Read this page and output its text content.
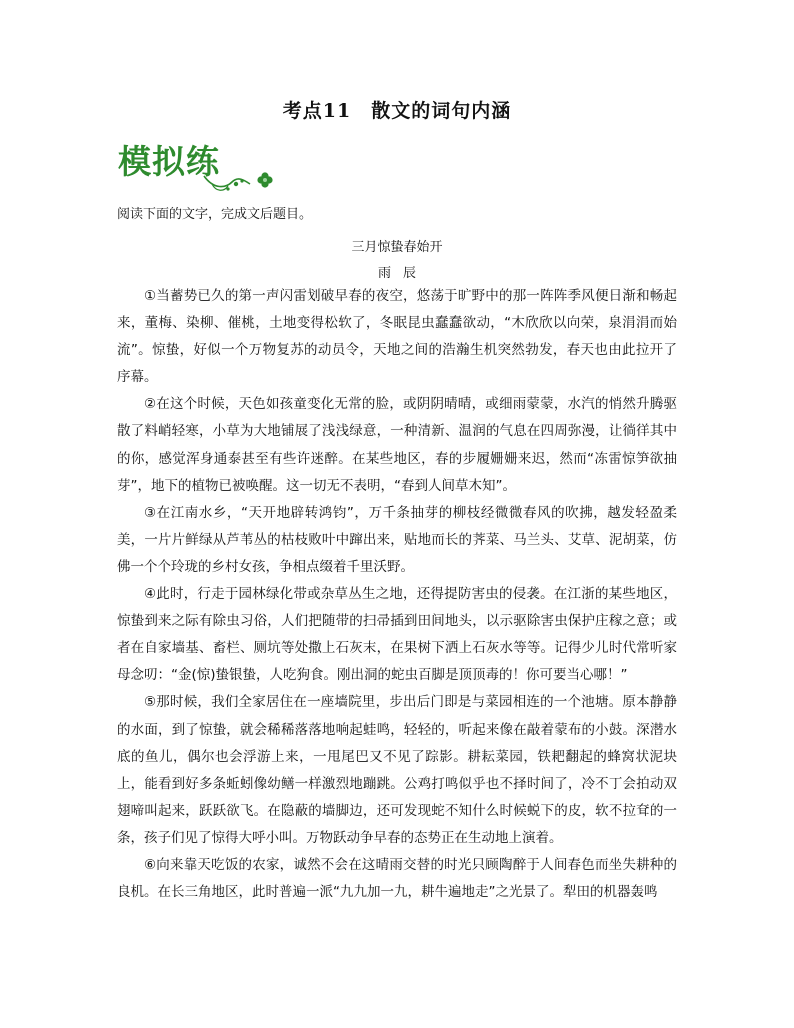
考点11　散文的词句内涵
模拟练
阅读下面的文字，完成文后题目。
三月惊蛰春始开
雨辰

①当蓄势已久的第一声闪雷划破早春的夜空，悠荡于旷野中的那一阵阵季风便日渐和畅起来，董梅、染柳、催桃，土地变得松软了，冬眠昆虫蠢蠢欲动，“木欣欣以向荣，泉涓涓而始流”。惊蛰，好似一个万物复苏的动员令，天地之间的浩瀚生机突然勃发，春天也由此拉开了序幕。

②在这个时候，天色如孩童变化无常的脸，或阴阴晴晴，或细雨蒙蒙，水汽的悄然升腾驱散了料峭轻寒，小草为大地铺展了浅浅绿意，一种清新、温润的气息在四周弥漫，让徜徉其中的你，感觉浑身通泰甚至有些许迷醉。在某些地区，春的步履姗姗来迟，然而“冻雷惊笋欲抽芽”，地下的植物已被唤醒。这一切无不表明，“春到人间草木知”。

③在江南水乡，“天开地辟转鸿钧”，万千条抽芽的柳枝经微微春风的吹拂，越发轻盈柔美，一片片鲜绿从芦苇丛的枯枝败叶中蹿出来，贴地而长的荠菜、马兰头、艾草、泥胡菜，仿佛一个个玲珑的乡村女孩，争相点缀着千里沃野。

④此时，行走于园林绿化带或杂草丛生之地，还得提防害虫的侵袭。在江浙的某些地区，惊蛰到来之际有除虫习俗，人们把随带的扫帚插到田间地头，以示驱除害虫保护庄稼之意；或者在自家墙基、畜栏、厕坑等处撒上石灰末，在果树下洒上石灰水等等。记得少儿时代常听家母念叨：“金(惊)蛰银蛰，人吃狗食。刚出洞的蛇虫百脚是顶顶毒的！你可要当心哪！”

⑤那时候，我们全家居住在一座墙院里，步出后门即是与菜园相连的一个池塘。原本静静的水面，到了惊蛰，就会稀稀落落地响起蛙鸣，轻轻的，听起来像在敲着蒙布的小鼓。深潜水底的鱼儿，偶尔也会浮游上来，一甩尾巴又不见了踪影。耕耘菜园，铁耙翻起的蜂窝状泥块上，能看到好多条蚯蚓像幼鳝一样激烈地蹦跳。公鸡打鸣似乎也不择时间了，冷不丁会拍动双翅啼叫起来，跃跃欲飞。在隐蔽的墙脚边，还可发现蛇不知什么时候蜕下的皮，软不拉耷的一条，孩子们见了惊得大呼小叫。万物跃动争早春的态势正在生动地上演着。

⑥向来靠天吃饭的农家，诚然不会在这晴雨交替的时光只顾陶醉于人间春色而坐失耕种的良机。在长三角地区，此时普遍一派“九九加一九，耕牛遍地走”之光景了。犁田的机器轰鸣
